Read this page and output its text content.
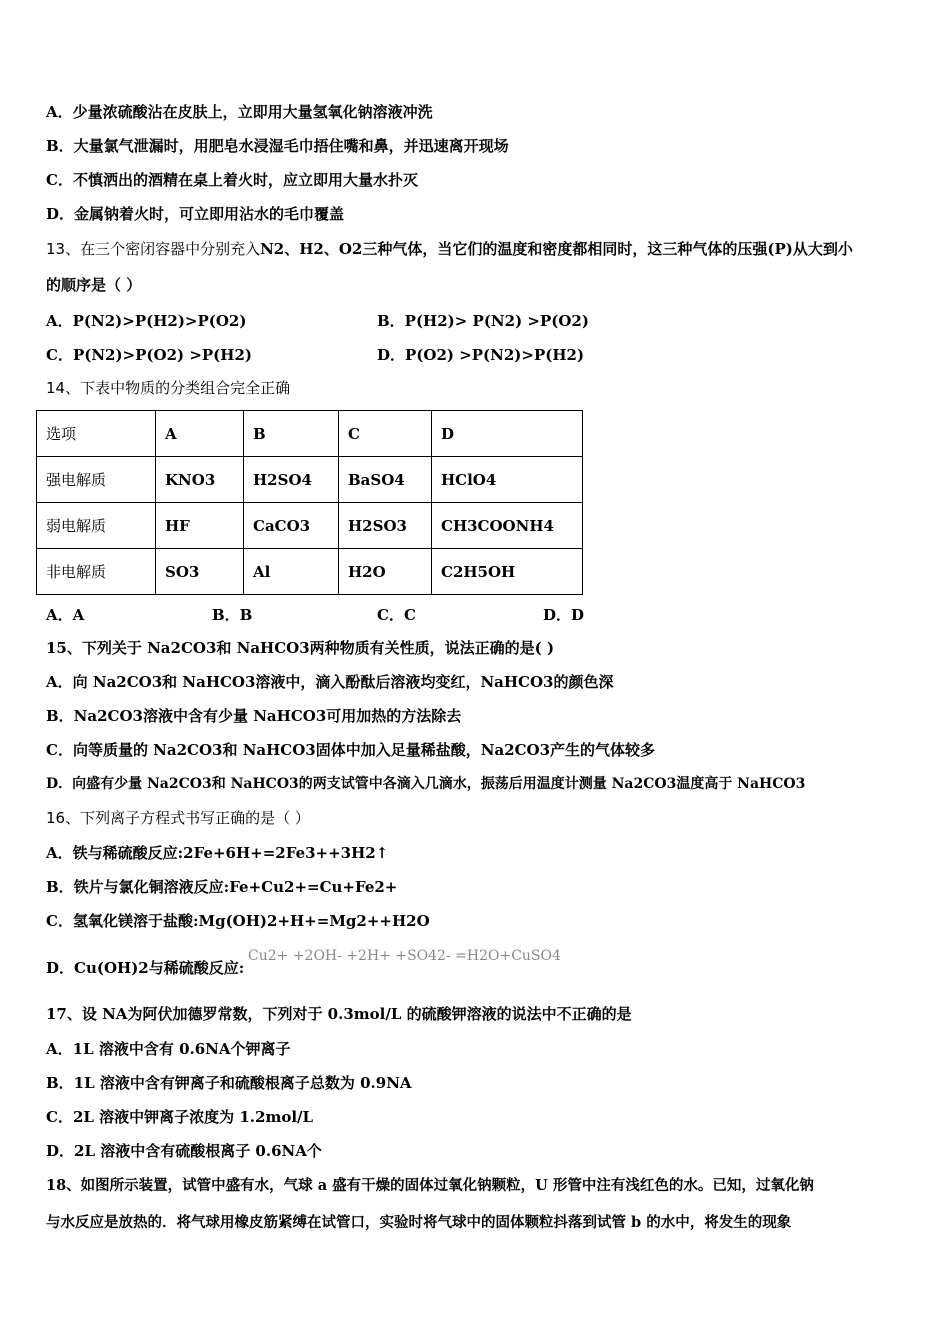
A．少量浓硫酸沾在皮肤上，立即用大量氢氧化钠溶液冲洗
B．大量氯气泄漏时，用肥皂水浸湿毛巾捂住嘴和鼻，并迅速离开现场
C．不慎洒出的酒精在桌上着火时，应立即用大量水扑灭
D．金属钠着火时，可立即用沾水的毛巾覆盖
13、在三个密闭容器中分别充入N2、H2、O2三种气体，当它们的温度和密度都相同时，这三种气体的压强(P)从大到小
的顺序是（ ）
A．P(N2)>P(H2)>P(O2)	B．P(H2)> P(N2) >P(O2)
C．P(N2)>P(O2) >P(H2)	D．P(O2) >P(N2)>P(H2)
14、下表中物质的分类组合完全正确
选项	A	B	C	D
强电解质	KNO3	H2SO4	BaSO4	HClO4
弱电解质	HF	CaCO3	H2SO3	CH3COONH4
非电解质	SO3	Al	H2O	C2H5OH
A．A	B．B	C．C	D．D
15、下列关于 Na2CO3和 NaHCO3两种物质有关性质，说法正确的是( )
A．向 Na2CO3和 NaHCO3溶液中，滴入酚酞后溶液均变红，NaHCO3的颜色深
B．Na2CO3溶液中含有少量 NaHCO3可用加热的方法除去
C．向等质量的 Na2CO3和 NaHCO3固体中加入足量稀盐酸，Na2CO3产生的气体较多
D．向盛有少量 Na2CO3和 NaHCO3的两支试管中各滴入几滴水，振荡后用温度计测量 Na2CO3温度高于 NaHCO3
16、下列离子方程式书写正确的是（ ）
A．铁与稀硫酸反应:2Fe+6H+=2Fe3++3H2↑
B．铁片与氯化铜溶液反应:Fe+Cu2+=Cu+Fe2+
C．氢氧化镁溶于盐酸:Mg(OH)2+H+=Mg2++H2O
D．Cu(OH)2与稀硫酸反应:
Cu2+ +2OH- +2H+ +SO42- =H2O+CuSO4
17、设 NA为阿伏加德罗常数，下列对于 0.3mol/L 的硫酸钾溶液的说法中不正确的是
A．1L 溶液中含有 0.6NA个钾离子
B．1L 溶液中含有钾离子和硫酸根离子总数为 0.9NA
C．2L 溶液中钾离子浓度为 1.2mol/L
D．2L 溶液中含有硫酸根离子 0.6NA个
18、如图所示装置，试管中盛有水，气球 a 盛有干燥的固体过氧化钠颗粒，U 形管中注有浅红色的水。已知，过氧化钠
与水反应是放热的．将气球用橡皮筋紧缚在试管口，实验时将气球中的固体颗粒抖落到试管 b 的水中，将发生的现象
